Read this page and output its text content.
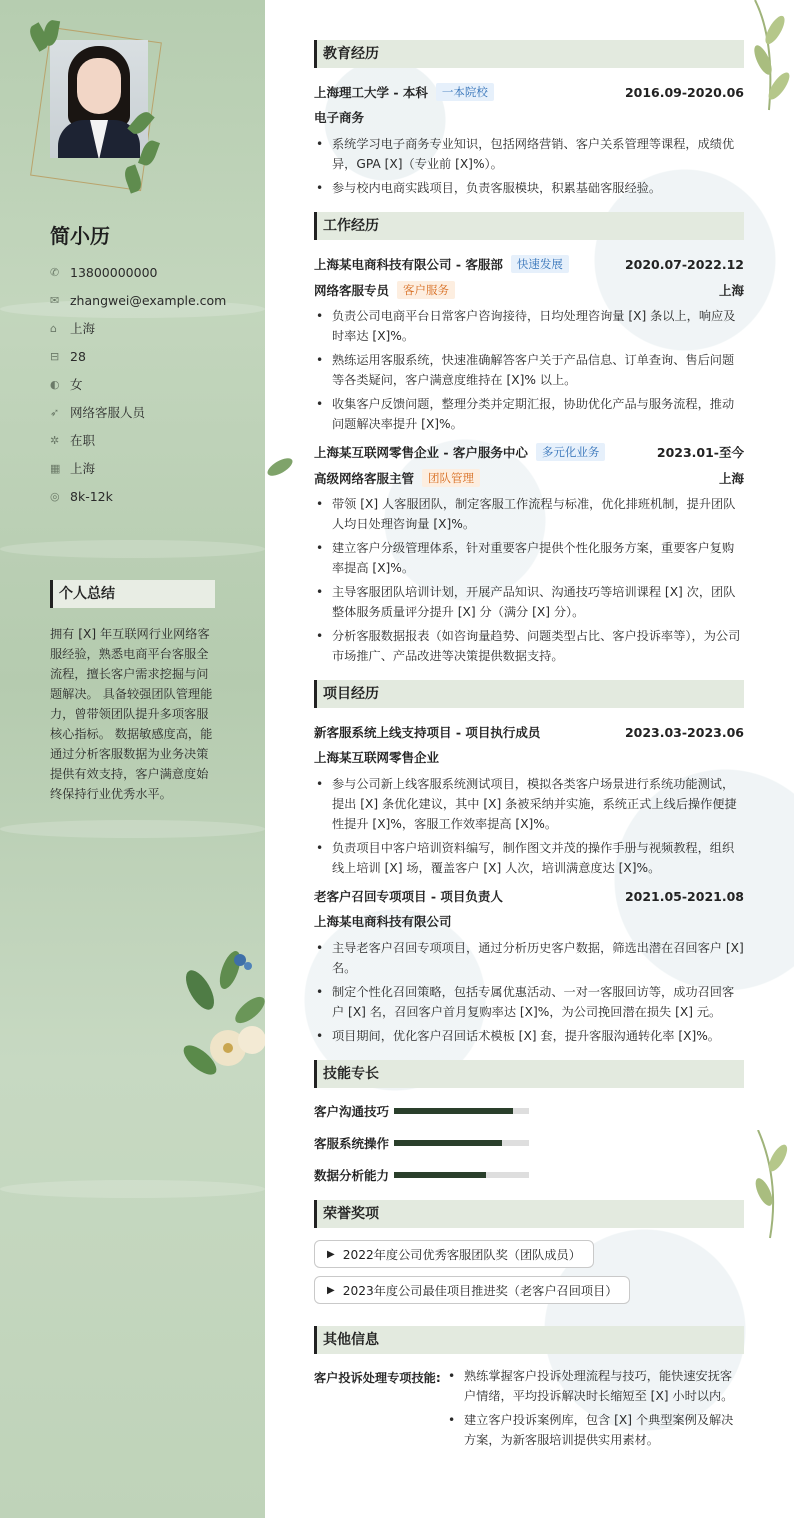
简小历
✆ 13800000000
✉ zhangwei@example.com
⌂	上海
⊟ 28
◐ 女
➶ 网络客服人员
✲ 在职
▦ 上海
◎ 8k-12k
个人总结

拥有 [X] 年互联网行业网络客服经验，熟悉电商平台客服全流程，擅长客户需求挖掘与问题解决。 具备较强团队管理能力，曾带领团队提升多项客服核心指标。 数据敏感度高，能通过分析客服数据为业务决策提供有效支持，客户满意度始终保持行业优秀水平。

教育经历
上海理工大学 - 本科	一本院校	2016.09-2020.06
电子商务
• 系统学习电子商务专业知识，包括网络营销、客户关系管理等课程，成绩优异，GPA [X]（专业前 [X]%）。
• 参与校内电商实践项目，负责客服模块，积累基础客服经验。
工作经历
上海某电商科技有限公司 - 客服部	快速发展	2020.07-2022.12
网络客服专员	客户服务	上海
• 负责公司电商平台日常客户咨询接待，日均处理咨询量 [X] 条以上，响应及时率达 [X]%。
• 熟练运用客服系统，快速准确解答客户关于产品信息、订单查询、售后问题等各类疑问，客户满意度维持在 [X]% 以上。
• 收集客户反馈问题，整理分类并定期汇报，协助优化产品与服务流程，推动问题解决率提升 [X]%。
上海某互联网零售企业 - 客户服务中心	多元化业务	2023.01-至今
高级网络客服主管	团队管理	上海
• 带领 [X] 人客服团队，制定客服工作流程与标准，优化排班机制，提升团队人均日处理咨询量 [X]%。
• 建立客户分级管理体系，针对重要客户提供个性化服务方案，重要客户复购率提高 [X]%。
• 主导客服团队培训计划，开展产品知识、沟通技巧等培训课程 [X] 次，团队整体服务质量评分提升 [X] 分（满分 [X] 分）。
• 分析客服数据报表（如咨询量趋势、问题类型占比、客户投诉率等），为公司市场推广、产品改进等决策提供数据支持。
项目经历
新客服系统上线支持项目 - 项目执行成员	2023.03-2023.06
上海某互联网零售企业
• 参与公司新上线客服系统测试项目，模拟各类客户场景进行系统功能测试，提出 [X] 条优化建议，其中 [X] 条被采纳并实施，系统正式上线后操作便捷性提升 [X]%，客服工作效率提高 [X]%。
• 负责项目中客户培训资料编写，制作图文并茂的操作手册与视频教程，组织线上培训 [X] 场，覆盖客户 [X] 人次，培训满意度达 [X]%。
老客户召回专项项目 - 项目负责人	2021.05-2021.08
上海某电商科技有限公司
• 主导老客户召回专项项目，通过分析历史客户数据，筛选出潜在召回客户 [X] 名。
• 制定个性化召回策略，包括专属优惠活动、一对一客服回访等，成功召回客户 [X] 名，召回客户首月复购率达 [X]%，为公司挽回潜在损失 [X] 元。
• 项目期间，优化客户召回话术模板 [X] 套，提升客服沟通转化率 [X]%。
技能专长
客户沟通技巧
客服系统操作
数据分析能力
荣誉奖项
▶ 2022年度公司优秀客服团队奖（团队成员）

▶ 2023年度公司最佳项目推进奖（老客户召回项目）
其他信息
客户投诉处理专项技能:
•	熟练掌握客户投诉处理流程与技巧，能快速安抚客户情绪，平均投诉解决时长缩短至 [X] 小时以内。
• 建立客户投诉案例库，包含 [X] 个典型案例及解决方案，为新客服培训提供实用素材。
